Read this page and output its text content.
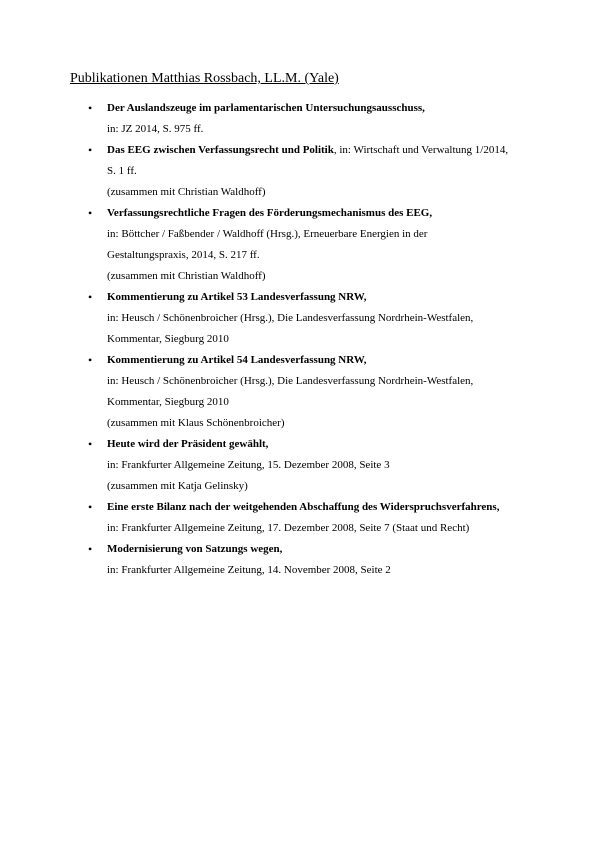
Publikationen Matthias Rossbach, LL.M. (Yale)
• Der Auslandszeuge im parlamentarischen Untersuchungsausschuss,
in: JZ 2014, S. 975 ff.
• Das EEG zwischen Verfassungsrecht und Politik, in: Wirtschaft und Verwaltung 1/2014,
S. 1 ff.
(zusammen mit Christian Waldhoff)
• Verfassungsrechtliche Fragen des Förderungsmechanismus des EEG,
in: Böttcher / Faßbender / Waldhoff (Hrsg.), Erneuerbare Energien in der
Gestaltungspraxis, 2014, S. 217 ff.
(zusammen mit Christian Waldhoff)
• Kommentierung zu Artikel 53 Landesverfassung NRW,
in: Heusch / Schönenbroicher (Hrsg.), Die Landesverfassung Nordrhein-Westfalen,
Kommentar, Siegburg 2010
• Kommentierung zu Artikel 54 Landesverfassung NRW,
in: Heusch / Schönenbroicher (Hrsg.), Die Landesverfassung Nordrhein-Westfalen,
Kommentar, Siegburg 2010
(zusammen mit Klaus Schönenbroicher)
• Heute wird der Präsident gewählt,
in: Frankfurter Allgemeine Zeitung, 15. Dezember 2008, Seite 3
(zusammen mit Katja Gelinsky)
• Eine erste Bilanz nach der weitgehenden Abschaffung des Widerspruchsverfahrens,
in: Frankfurter Allgemeine Zeitung, 17. Dezember 2008, Seite 7 (Staat und Recht)
• Modernisierung von Satzungs wegen,
in: Frankfurter Allgemeine Zeitung, 14. November 2008, Seite 2
